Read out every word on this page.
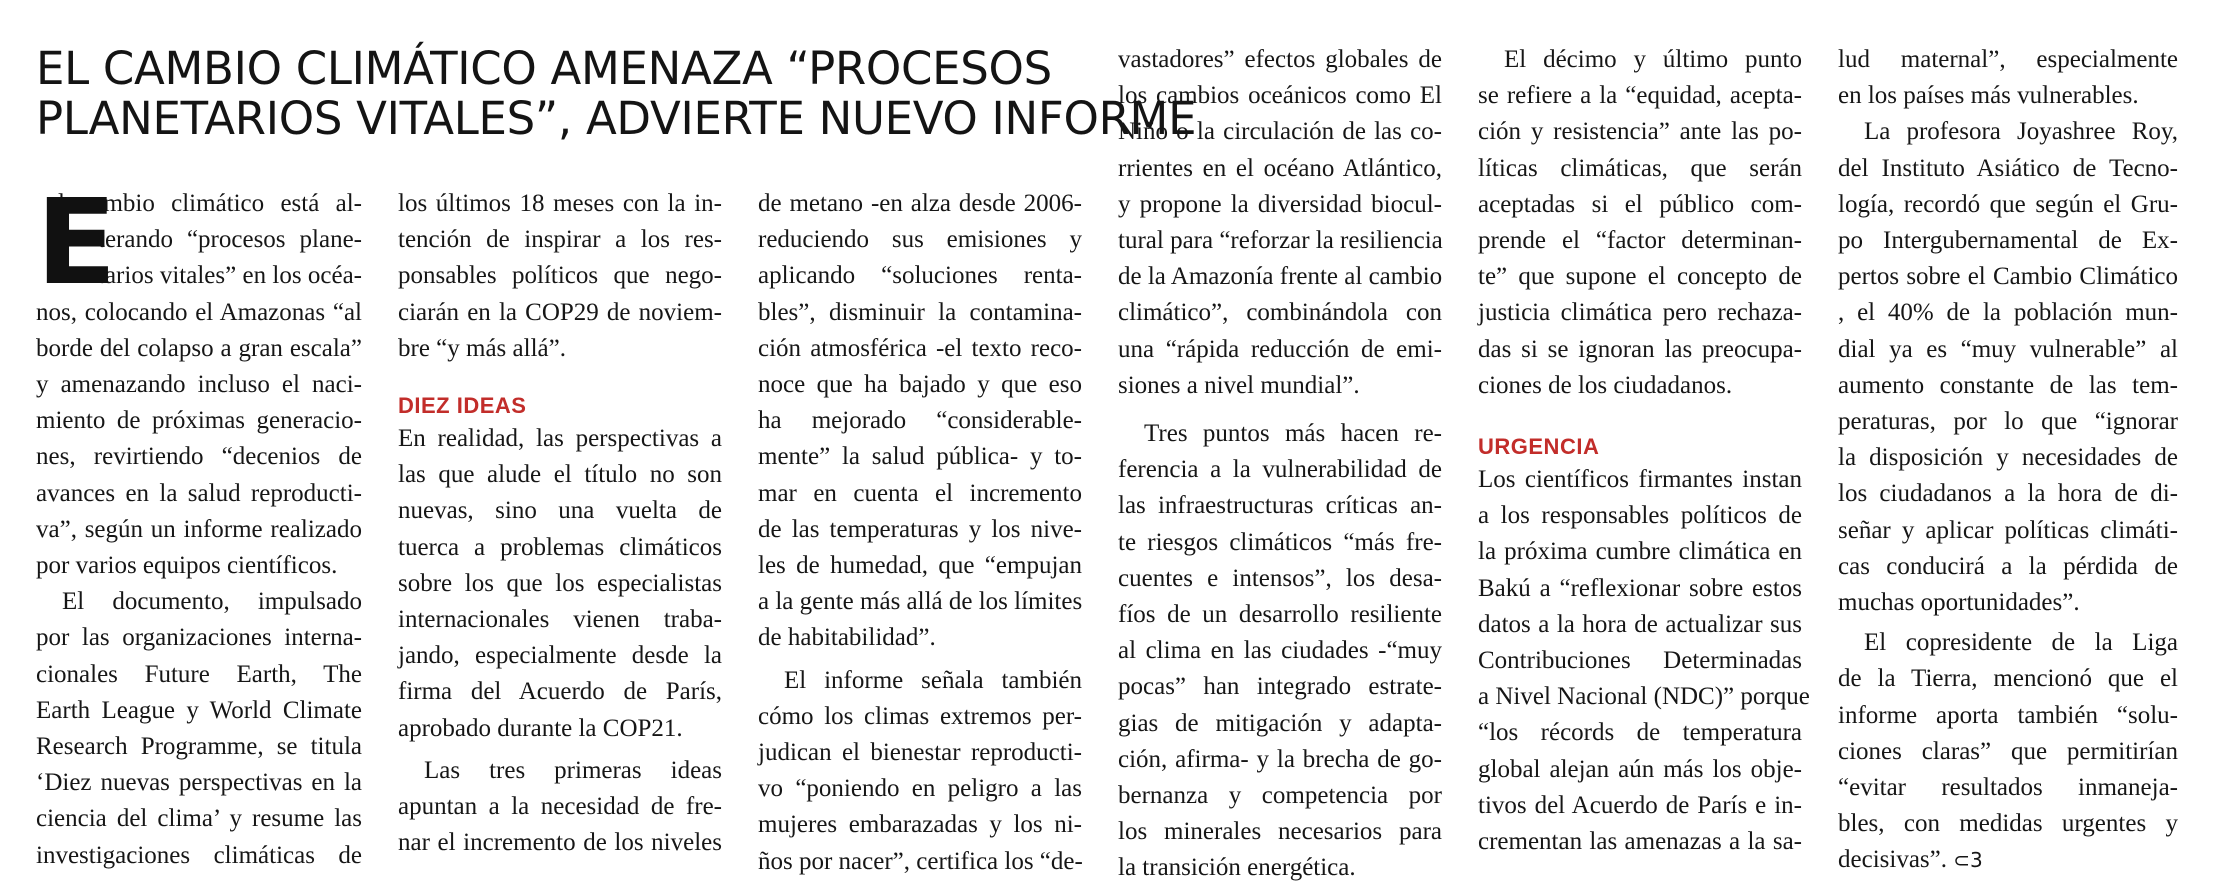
EL CAMBIO CLIMÁTICO AMENAZA “PROCESOS
PLANETARIOS VITALES”, ADVIERTE NUEVO INFORME
E
l cambio climático está al-
terando “procesos plane-
tarios vitales” en los océa-
nos, colocando el Amazonas “al
borde del colapso a gran escala”
y amenazando incluso el naci-
miento de próximas generacio-
nes, revirtiendo “decenios de
avances en la salud reproducti-
va”, según un informe realizado
por varios equipos científicos.
El documento, impulsado
por las organizaciones interna-
cionales Future Earth, The
Earth League y World Climate
Research Programme, se titula
‘Diez nuevas perspectivas en la
ciencia del clima’ y resume las
investigaciones climáticas de
los últimos 18 meses con la in-
tención de inspirar a los res-
ponsables políticos que nego-
ciarán en la COP29 de noviem-
bre “y más allá”.
DIEZ IDEAS
En realidad, las perspectivas a
las que alude el título no son
nuevas, sino una vuelta de
tuerca a problemas climáticos
sobre los que los especialistas
internacionales vienen traba-
jando, especialmente desde la
firma del Acuerdo de París,
aprobado durante la COP21.
Las tres primeras ideas
apuntan a la necesidad de fre-
nar el incremento de los niveles
de metano -en alza desde 2006-
reduciendo sus emisiones y
aplicando “soluciones renta-
bles”, disminuir la contamina-
ción atmosférica -el texto reco-
noce que ha bajado y que eso
ha mejorado “considerable-
mente” la salud pública- y to-
mar en cuenta el incremento
de las temperaturas y los nive-
les de humedad, que “empujan
a la gente más allá de los límites
de habitabilidad”.
El informe señala también
cómo los climas extremos per-
judican el bienestar reproducti-
vo “poniendo en peligro a las
mujeres embarazadas y los ni-
ños por nacer”, certifica los “de-
vastadores” efectos globales de
los cambios oceánicos como El
Niño o la circulación de las co-
rrientes en el océano Atlántico,
y propone la diversidad biocul-
tural para “reforzar la resiliencia
de la Amazonía frente al cambio
climático”, combinándola con
una “rápida reducción de emi-
siones a nivel mundial”.
Tres puntos más hacen re-
ferencia a la vulnerabilidad de
las infraestructuras críticas an-
te riesgos climáticos “más fre-
cuentes e intensos”, los desa-
fíos de un desarrollo resiliente
al clima en las ciudades -“muy
pocas” han integrado estrate-
gias de mitigación y adapta-
ción, afirma- y la brecha de go-
bernanza y competencia por
los minerales necesarios para
la transición energética.
El décimo y último punto
se refiere a la “equidad, acepta-
ción y resistencia” ante las po-
líticas climáticas, que serán
aceptadas si el público com-
prende el “factor determinan-
te” que supone el concepto de
justicia climática pero rechaza-
das si se ignoran las preocupa-
ciones de los ciudadanos.
URGENCIA
Los científicos firmantes instan
a los responsables políticos de
la próxima cumbre climática en
Bakú a “reflexionar sobre estos
datos a la hora de actualizar sus
Contribuciones Determinadas
a Nivel Nacional (NDC)” porque
“los récords de temperatura
global alejan aún más los obje-
tivos del Acuerdo de París e in-
crementan las amenazas a la sa-
lud maternal”, especialmente
en los países más vulnerables.
La profesora Joyashree Roy,
del Instituto Asiático de Tecno-
logía, recordó que según el Gru-
po Intergubernamental de Ex-
pertos sobre el Cambio Climático
, el 40% de la población mun-
dial ya es “muy vulnerable” al
aumento constante de las tem-
peraturas, por lo que “ignorar
la disposición y necesidades de
los ciudadanos a la hora de di-
señar y aplicar políticas climáti-
cas conducirá a la pérdida de
muchas oportunidades”.
El copresidente de la Liga
de la Tierra, mencionó que el
informe aporta también “solu-
ciones claras” que permitirían
“evitar resultados inmaneja-
bles, con medidas urgentes y
decisivas”. ⊂3
